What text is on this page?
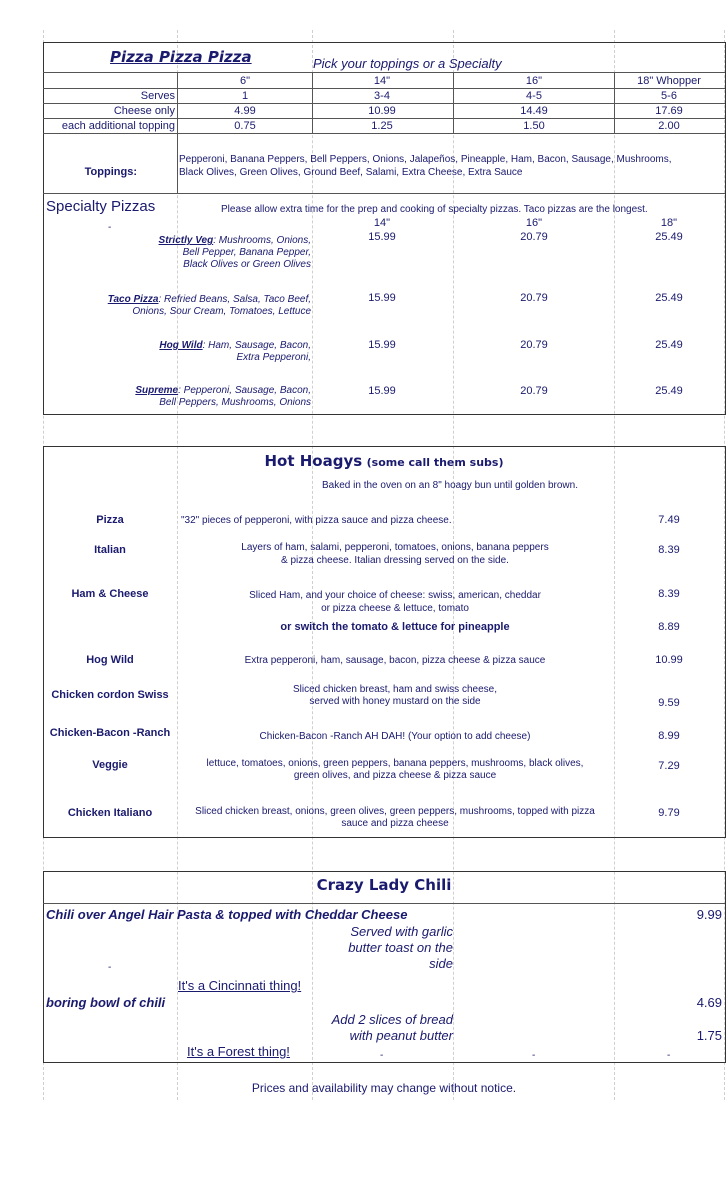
Pizza Pizza Pizza	Pick your toppings or a Specialty
6"	14"	16"	18" Whopper
Serves	1	3-4	4-5	5-6
Cheese only	4.99	10.99	14.49	17.69
each additional topping	0.75	1.25	1.50	2.00
Toppings:
Pepperoni, Banana Peppers, Bell Peppers, Onions, Jalapeños, Pineapple, Ham, Bacon, Sausage, Mushrooms,
Black Olives, Green Olives, Ground Beef, Salami, Extra Cheese, Extra Sauce
Specialty Pizzas	Please allow extra time for the prep and cooking of specialty pizzas. Taco pizzas are the longest.
-	14"	16"	18"
Strictly Veg: Mushrooms, Onions,
Bell Pepper, Banana Pepper,
Black Olives or Green Olives
15.99	20.79	25.49
Taco Pizza: Refried Beans, Salsa, Taco Beef,
Onions, Sour Cream, Tomatoes, Lettuce
15.99	20.79	25.49
Hog Wild: Ham, Sausage, Bacon,
Extra Pepperoni,
15.99	20.79	25.49
Supreme: Pepperoni, Sausage, Bacon,
Bell Peppers, Mushrooms, Onions
15.99	20.79	25.49
Hot Hoagys (some call them subs)
Baked in the oven on an 8" hoagy bun until golden brown.
Pizza	"32" pieces of pepperoni, with pizza sauce and pizza cheese.	7.49
Italian	Layers of ham, salami, pepperoni, tomatoes, onions, banana peppers
& pizza cheese. Italian dressing served on the side.
8.39
Ham & Cheese	Sliced Ham, and your choice of cheese: swiss, american, cheddar
or pizza cheese & lettuce, tomato
8.39
or switch the tomato & lettuce for pineapple	8.89
Hog Wild	Extra pepperoni, ham, sausage, bacon, pizza cheese & pizza sauce	10.99
Chicken cordon Swiss	Sliced chicken breast, ham and swiss cheese,
served with honey mustard on the side	9.59
Chicken-Bacon -Ranch	Chicken-Bacon -Ranch AH DAH! (Your option to add cheese)	8.99
Veggie	lettuce, tomatoes, onions, green peppers, banana peppers, mushrooms, black olives,
green olives, and pizza cheese & pizza sauce
7.29
Chicken Italiano	Sliced chicken breast, onions, green olives, green peppers, mushrooms, topped with pizza
sauce and pizza cheese
9.79
Crazy Lady Chili
Chili over Angel Hair Pasta & topped with Cheddar Cheese	9.99
Served with garlic
butter toast on the
side
-
It's a Cincinnati thing!
boring bowl of chili	4.69
Add 2 slices of bread
with peanut butter	1.75
It's a Forest thing!	-	-	-
Prices and availability may change without notice.
